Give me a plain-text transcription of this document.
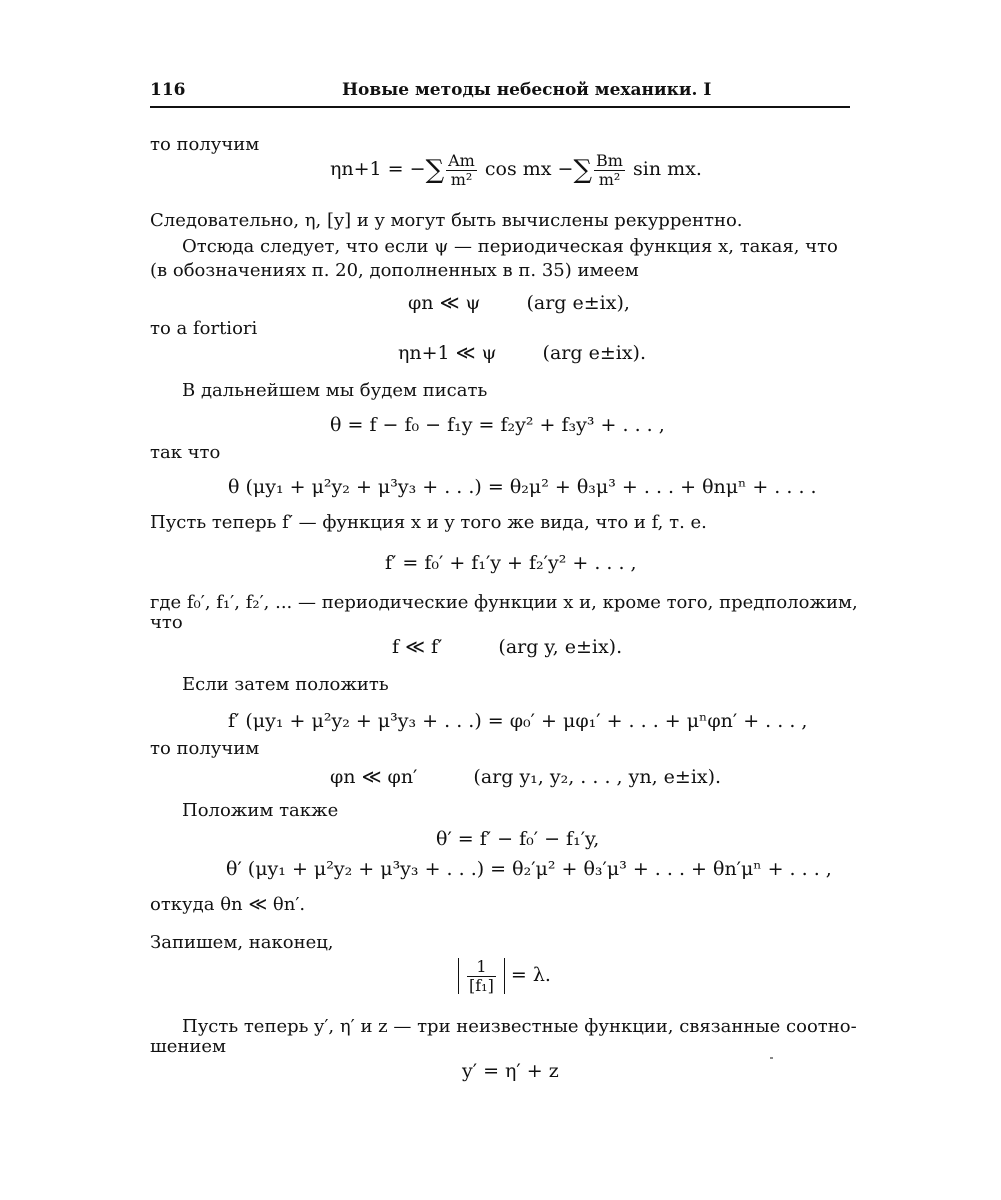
116	Новые методы небесной механики. I
то получим
ηn+1 = −∑ $\frac{Am}{\text{m²}}$ cos mx −∑ $\frac{Bm}{\text{m²}}$ sin mx.
Следовательно, η, [y] и y могут быть вычислены рекуррентно.
Отсюда следует, что если ψ — периодическая функция x, такая, что
(в обозначениях п. 20, дополненных в п. 35) имеем
φn ≪ ψ (arg e±ix),
то a fortiori
ηn+1 ≪ ψ (arg e±ix).
В дальнейшем мы будем писать
θ = f − f₀ − f₁y = f₂y² + f₃y³ + . . . ,
так что
θ (μy₁ + μ²y₂ + μ³y₃ + . . .) = θ₂μ² + θ₃μ³ + . . . + θnμⁿ + . . . .
Пусть теперь f′ — функция x и y того же вида, что и f, т. е.
f′ = f₀′ + f₁′y + f₂′y² + . . . ,
где f₀′, f₁′, f₂′, ... — периодические функции x и, кроме того, предположим,
что
f ≪ f′	(arg y, e±ix).
Если затем положить
f′ (μy₁ + μ²y₂ + μ³y₃ + . . .) = φ₀′ + μφ₁′ + . . . + μⁿφn′ + . . . ,
то получим
φn ≪ φn′	(arg y₁, y₂, . . . , yn, e±ix).
Положим также
θ′ = f′ − f₀′ − f₁′y,
θ′ (μy₁ + μ²y₂ + μ³y₃ + . . .) = θ₂′μ² + θ₃′μ³ + . . . + θn′μⁿ + . . . ,
откуда θn ≪ θn′.
Запишем, наконец,
$\frac{1}{\text{[f₁]}} = \lambda$.
Пусть теперь y′, η′ и z — три неизвестные функции, связанные соотно-
шением
y′ = η′ + z
